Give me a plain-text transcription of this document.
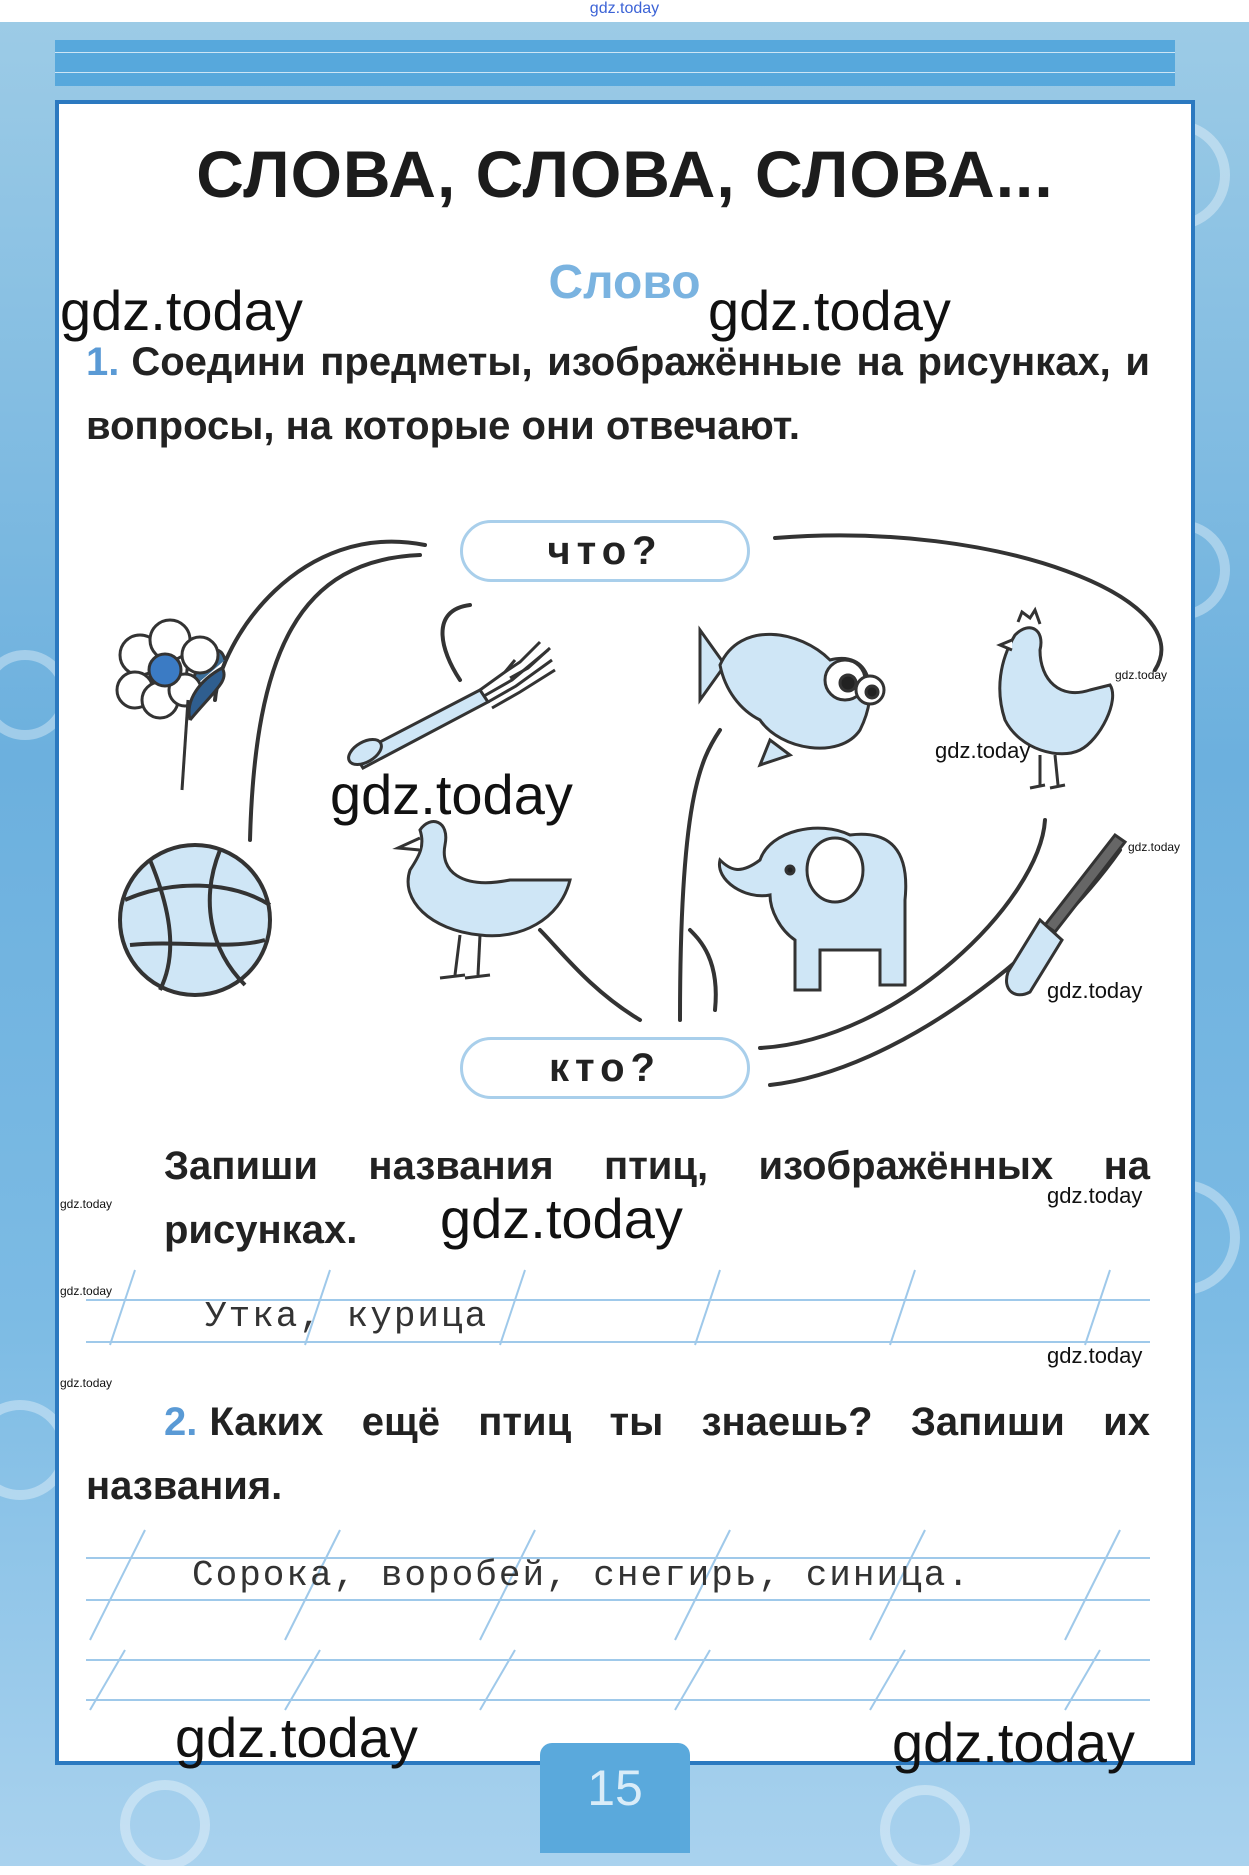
15
gdz.today
СЛОВА, СЛОВА, СЛОВА...
Слово
1. Соедини предметы, изображённые на рисунках, и вопросы, на которые они отвечают.
что?
кто?
Запиши названия птиц, изображённых на рисунках.
Утка, курица
2. Каких ещё птиц ты знаешь? Запиши их названия.
Сорока, воробей, снегирь, синица.
gdz.today	gdz.today
gdz.today
gdz.today
gdz.today	gdz.today
gdz.today
gdz.today
gdz.today
gdz.today
gdz.today
gdz.today
gdz.today
gdz.today
gdz.today
